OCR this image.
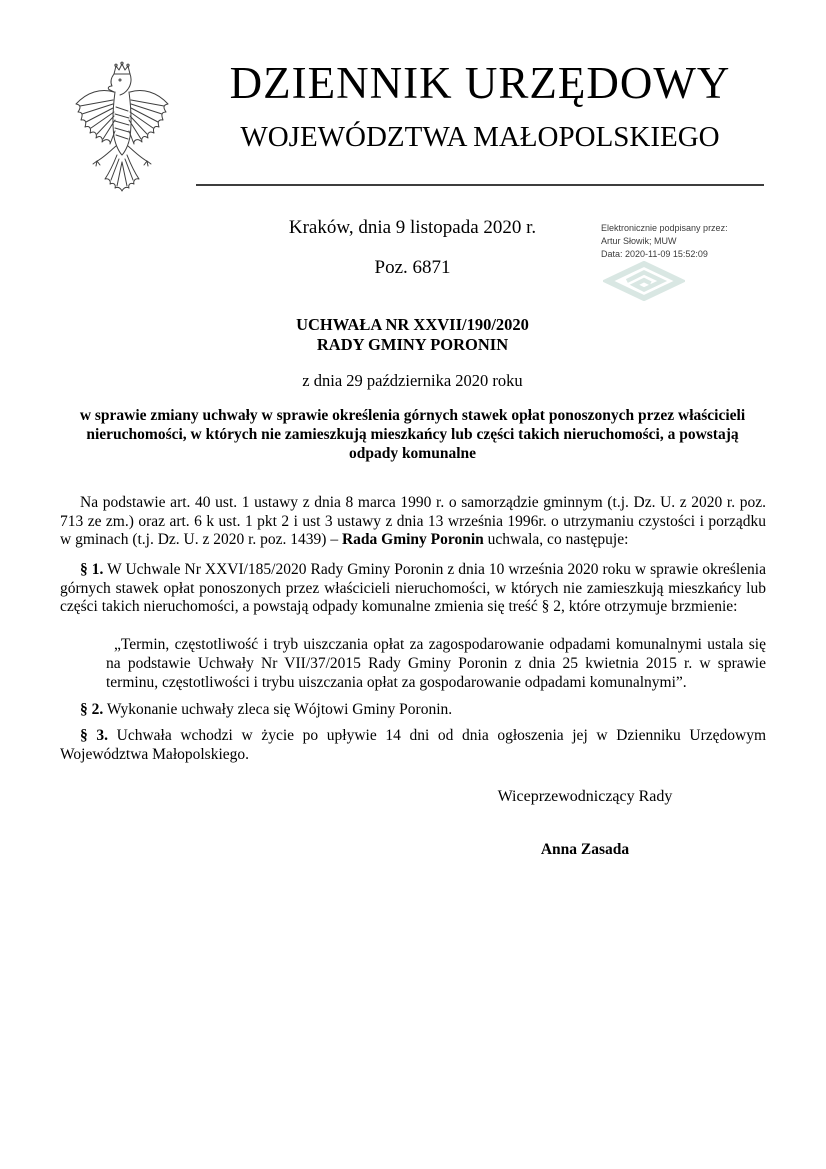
DZIENNIK URZĘDOWY
WOJEWÓDZTWA MAŁOPOLSKIEGO
Kraków, dnia 9 listopada 2020 r.
Poz. 6871
Elektronicznie podpisany przez:
Artur Słowik; MUW
Data: 2020-11-09 15:52:09
UCHWAŁA NR XXVII/190/2020
RADY GMINY PORONIN
z dnia 29 października 2020 roku
w sprawie zmiany uchwały w sprawie określenia górnych stawek opłat ponoszonych przez właścicieli nieruchomości, w których nie zamieszkują mieszkańcy lub części takich nieruchomości, a powstają odpady komunalne
Na podstawie art. 40 ust. 1 ustawy z dnia 8 marca 1990 r. o samorządzie gminnym (t.j. Dz. U. z 2020 r. poz. 713 ze zm.) oraz art. 6 k ust. 1 pkt 2 i ust 3 ustawy z dnia 13 września 1996r. o utrzymaniu czystości i porządku w gminach (t.j. Dz. U. z 2020 r. poz. 1439) – Rada Gminy Poronin uchwala, co następuje:
§ 1. W Uchwale Nr XXVI/185/2020 Rady Gminy Poronin z dnia 10 września 2020 roku w sprawie określenia górnych stawek opłat ponoszonych przez właścicieli nieruchomości, w których nie zamieszkują mieszkańcy lub części takich nieruchomości, a powstają odpady komunalne zmienia się treść § 2, które otrzymuje brzmienie:
„Termin, częstotliwość i tryb uiszczania opłat za zagospodarowanie odpadami komunalnymi ustala się na podstawie Uchwały Nr VII/37/2015 Rady Gminy Poronin z dnia 25 kwietnia 2015 r. w sprawie terminu, częstotliwości i trybu uiszczania opłat za gospodarowanie odpadami komunalnymi”.
§ 2. Wykonanie uchwały zleca się Wójtowi Gminy Poronin.
§ 3. Uchwała wchodzi w życie po upływie 14 dni od dnia ogłoszenia jej w Dzienniku Urzędowym Województwa Małopolskiego.
Wiceprzewodniczący Rady
Anna Zasada
